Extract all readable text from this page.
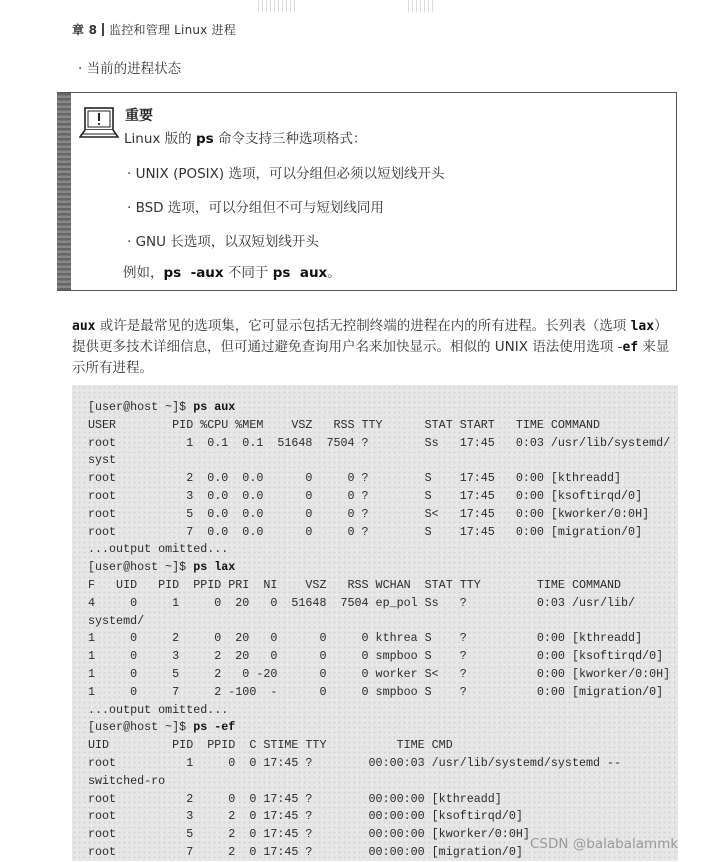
章 8 监控和管理 Linux 进程
· 当前的进程状态
重要
Linux 版的 ps 命令支持三种选项格式：
· UNIX (POSIX) 选项，可以分组但必须以短划线开头
· BSD 选项，可以分组但不可与短划线同用
· GNU 长选项，以双短划线开头
例如，ps  -aux 不同于 ps  aux。
aux 或许是最常见的选项集，它可显示包括无控制终端的进程在内的所有进程。长列表（选项 lax）提供更多技术详细信息，但可通过避免查询用户名来加快显示。相似的 UNIX 语法使用选项 -ef 来显示所有进程。
[user@host ~]$ ps aux
USER        PID %CPU %MEM    VSZ   RSS TTY      STAT START   TIME COMMAND
root          1  0.1  0.1  51648  7504 ?        Ss   17:45   0:03 /usr/lib/systemd/
syst
root          2  0.0  0.0      0     0 ?        S    17:45   0:00 [kthreadd]
root          3  0.0  0.0      0     0 ?        S    17:45   0:00 [ksoftirqd/0]
root          5  0.0  0.0      0     0 ?        S<   17:45   0:00 [kworker/0:0H]
root          7  0.0  0.0      0     0 ?        S    17:45   0:00 [migration/0]
...output omitted...
[user@host ~]$ ps lax
F   UID   PID  PPID PRI  NI    VSZ   RSS WCHAN  STAT TTY        TIME COMMAND
4     0     1     0  20   0  51648  7504 ep_pol Ss   ?          0:03 /usr/lib/
systemd/
1     0     2     0  20   0      0     0 kthrea S    ?          0:00 [kthreadd]
1     0     3     2  20   0      0     0 smpboo S    ?          0:00 [ksoftirqd/0]
1     0     5     2   0 -20      0     0 worker S<   ?          0:00 [kworker/0:0H]
1     0     7     2 -100  -      0     0 smpboo S    ?          0:00 [migration/0]
...output omitted...
[user@host ~]$ ps -ef
UID         PID  PPID  C STIME TTY          TIME CMD
root          1     0  0 17:45 ?        00:00:03 /usr/lib/systemd/systemd --
switched-ro
root          2     0  0 17:45 ?        00:00:00 [kthreadd]
root          3     2  0 17:45 ?        00:00:00 [ksoftirqd/0]
root          5     2  0 17:45 ?        00:00:00 [kworker/0:0H]
root          7     2  0 17:45 ?        00:00:00 [migration/0] CSDN @balabalammk
